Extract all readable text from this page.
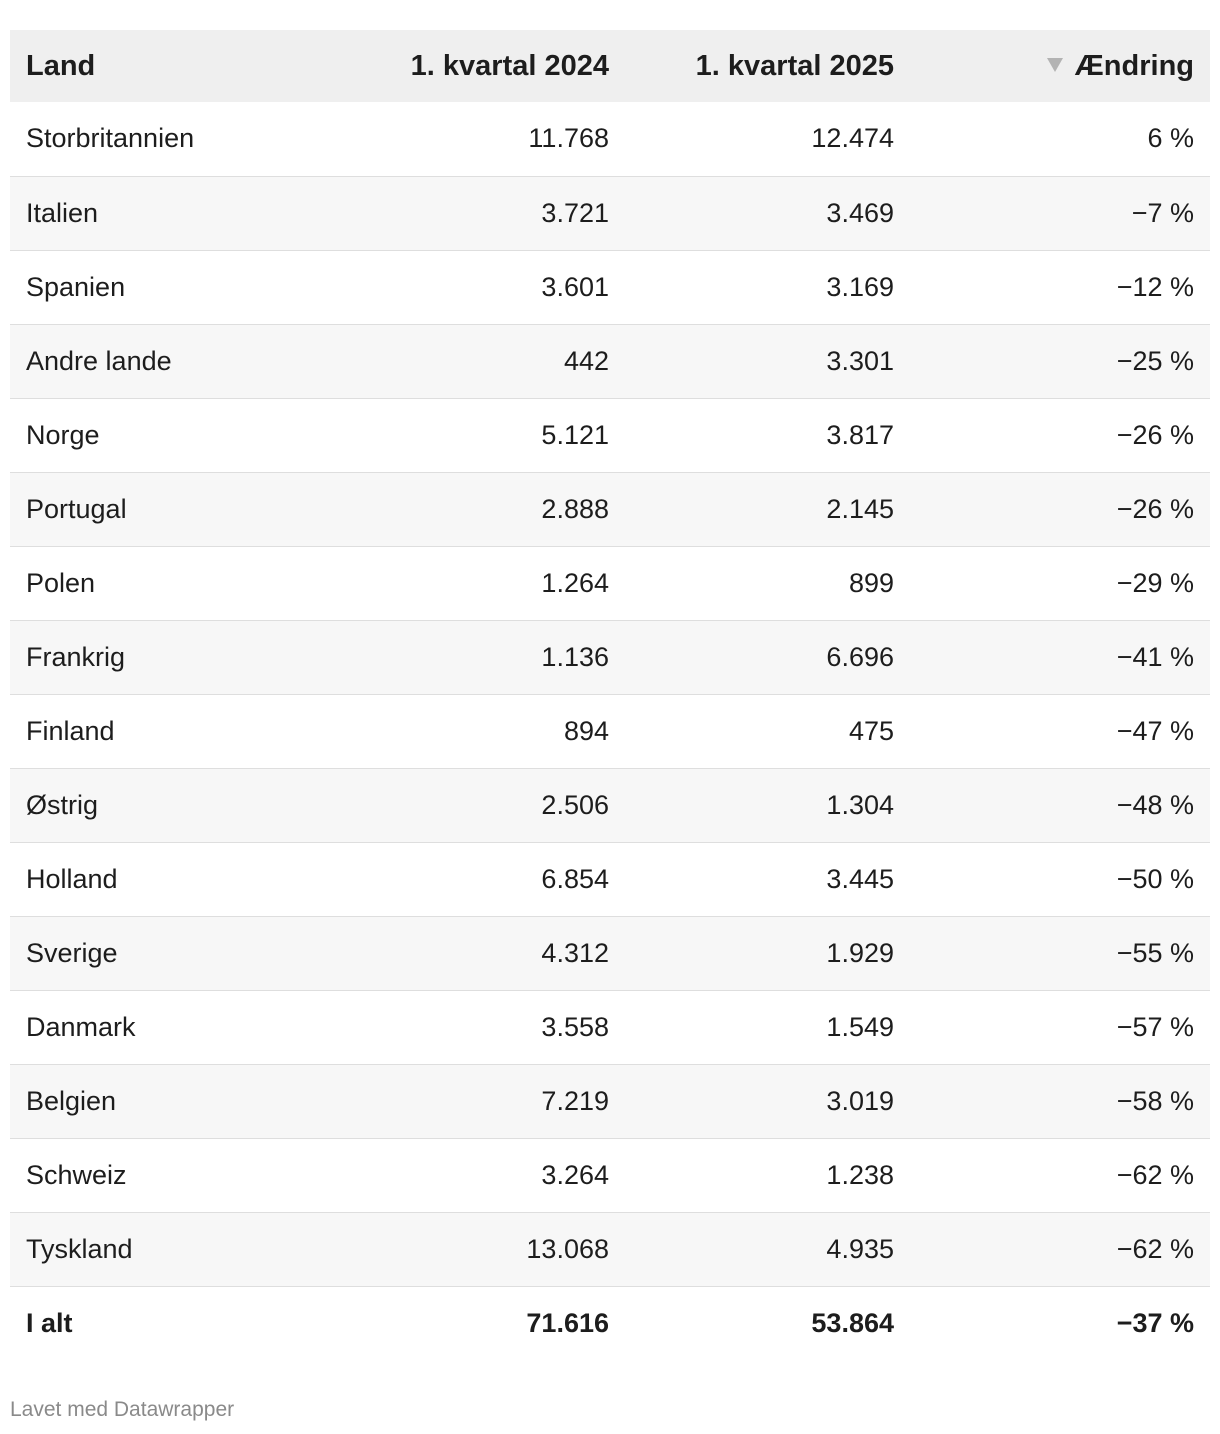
Land	1. kvartal 2024	1. kvartal 2025	Ændring
Storbritannien	11.768	12.474	6 %
Italien	3.721	3.469	−7 %
Spanien	3.601	3.169	−12 %
Andre lande	442	3.301	−25 %
Norge	5.121	3.817	−26 %
Portugal	2.888	2.145	−26 %
Polen	1.264	899	−29 %
Frankrig	1.136	6.696	−41 %
Finland	894	475	−47 %
Østrig	2.506	1.304	−48 %
Holland	6.854	3.445	−50 %
Sverige	4.312	1.929	−55 %
Danmark	3.558	1.549	−57 %
Belgien	7.219	3.019	−58 %
Schweiz	3.264	1.238	−62 %
Tyskland	13.068	4.935	−62 %
I alt	71.616	53.864	−37 %
Lavet med Datawrapper
